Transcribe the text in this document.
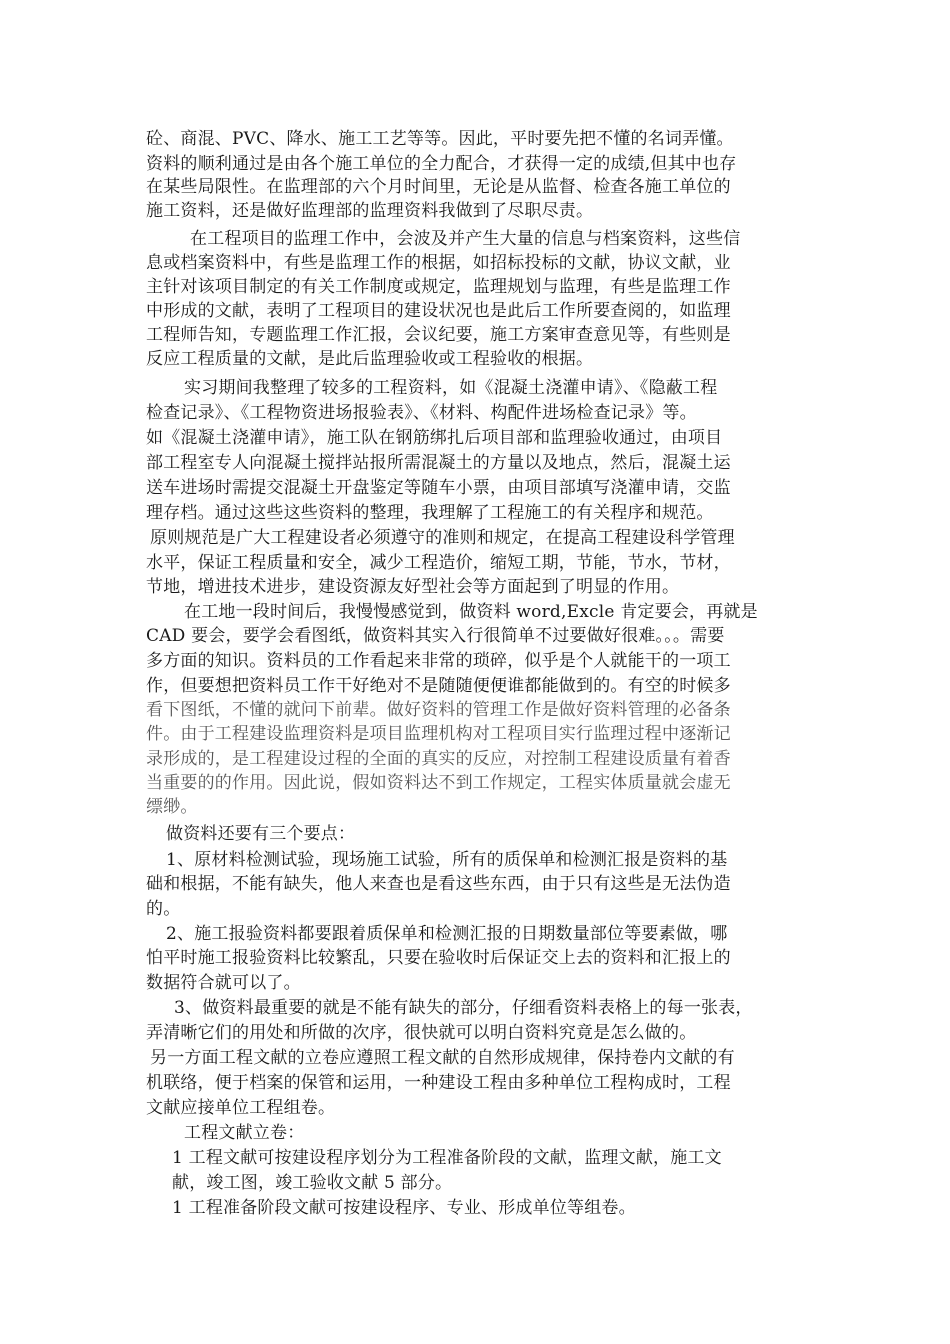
砼、商混、PVC、降水、施工工艺等等。因此，平时要先把不懂的名词弄懂。
资料的顺利通过是由各个施工单位的全力配合，才获得一定的成绩,但其中也存
在某些局限性。在监理部的六个月时间里，无论是从监督、检查各施工单位的
施工资料，还是做好监理部的监理资料我做到了尽职尽责。
在工程项目的监理工作中，会波及并产生大量的信息与档案资料，这些信
息或档案资料中，有些是监理工作的根据，如招标投标的文献，协议文献，业
主针对该项目制定的有关工作制度或规定，监理规划与监理，有些是监理工作
中形成的文献，表明了工程项目的建设状况也是此后工作所要查阅的，如监理
工程师告知，专题监理工作汇报，会议纪要，施工方案审查意见等，有些则是
反应工程质量的文献，是此后监理验收或工程验收的根据。
实习期间我整理了较多的工程资料，如《混凝土浇灌申请》、《隐蔽工程
检查记录》、《工程物资进场报验表》、《材料、构配件进场检查记录》等。
如《混凝土浇灌申请》，施工队在钢筋绑扎后项目部和监理验收通过，由项目
部工程室专人向混凝土搅拌站报所需混凝土的方量以及地点，然后，混凝土运
送车进场时需提交混凝土开盘鉴定等随车小票，由项目部填写浇灌申请，交监
理存档。通过这些这些资料的整理，我理解了工程施工的有关程序和规范。
原则规范是广大工程建设者必须遵守的准则和规定，在提高工程建设科学管理
水平，保证工程质量和安全，减少工程造价，缩短工期，节能，节水，节材，
节地，增进技术进步，建设资源友好型社会等方面起到了明显的作用。
在工地一段时间后，我慢慢感觉到，做资料 word,Excle 肯定要会，再就是
CAD 要会，要学会看图纸，做资料其实入行很简单不过要做好很难。。。需要
多方面的知识。资料员的工作看起来非常的琐碎，似乎是个人就能干的一项工
作，但要想把资料员工作干好绝对不是随随便便谁都能做到的。有空的时候多
看下图纸，不懂的就问下前辈。做好资料的管理工作是做好资料管理的必备条
件。由于工程建设监理资料是项目监理机构对工程项目实行监理过程中逐渐记
录形成的，是工程建设过程的全面的真实的反应，对控制工程建设质量有着香
当重要的的作用。因此说，假如资料达不到工作规定，工程实体质量就会虚无
缥缈。
做资料还要有三个要点：
1、原材料检测试验，现场施工试验，所有的质保单和检测汇报是资料的基
础和根据，不能有缺失，他人来查也是看这些东西，由于只有这些是无法伪造
的。
2、施工报验资料都要跟着质保单和检测汇报的日期数量部位等要素做，哪
怕平时施工报验资料比较繁乱，只要在验收时后保证交上去的资料和汇报上的
数据符合就可以了。
3、做资料最重要的就是不能有缺失的部分，仔细看资料表格上的每一张表，
弄清晰它们的用处和所做的次序，很快就可以明白资料究竟是怎么做的。
另一方面工程文献的立卷应遵照工程文献的自然形成规律，保持卷内文献的有
机联络，便于档案的保管和运用，一种建设工程由多种单位工程构成时，工程
文献应接单位工程组卷。
工程文献立卷：
1 工程文献可按建设程序划分为工程准备阶段的文献，监理文献，施工文
献，竣工图，竣工验收文献 5 部分。
1 工程准备阶段文献可按建设程序、专业、形成单位等组卷。
